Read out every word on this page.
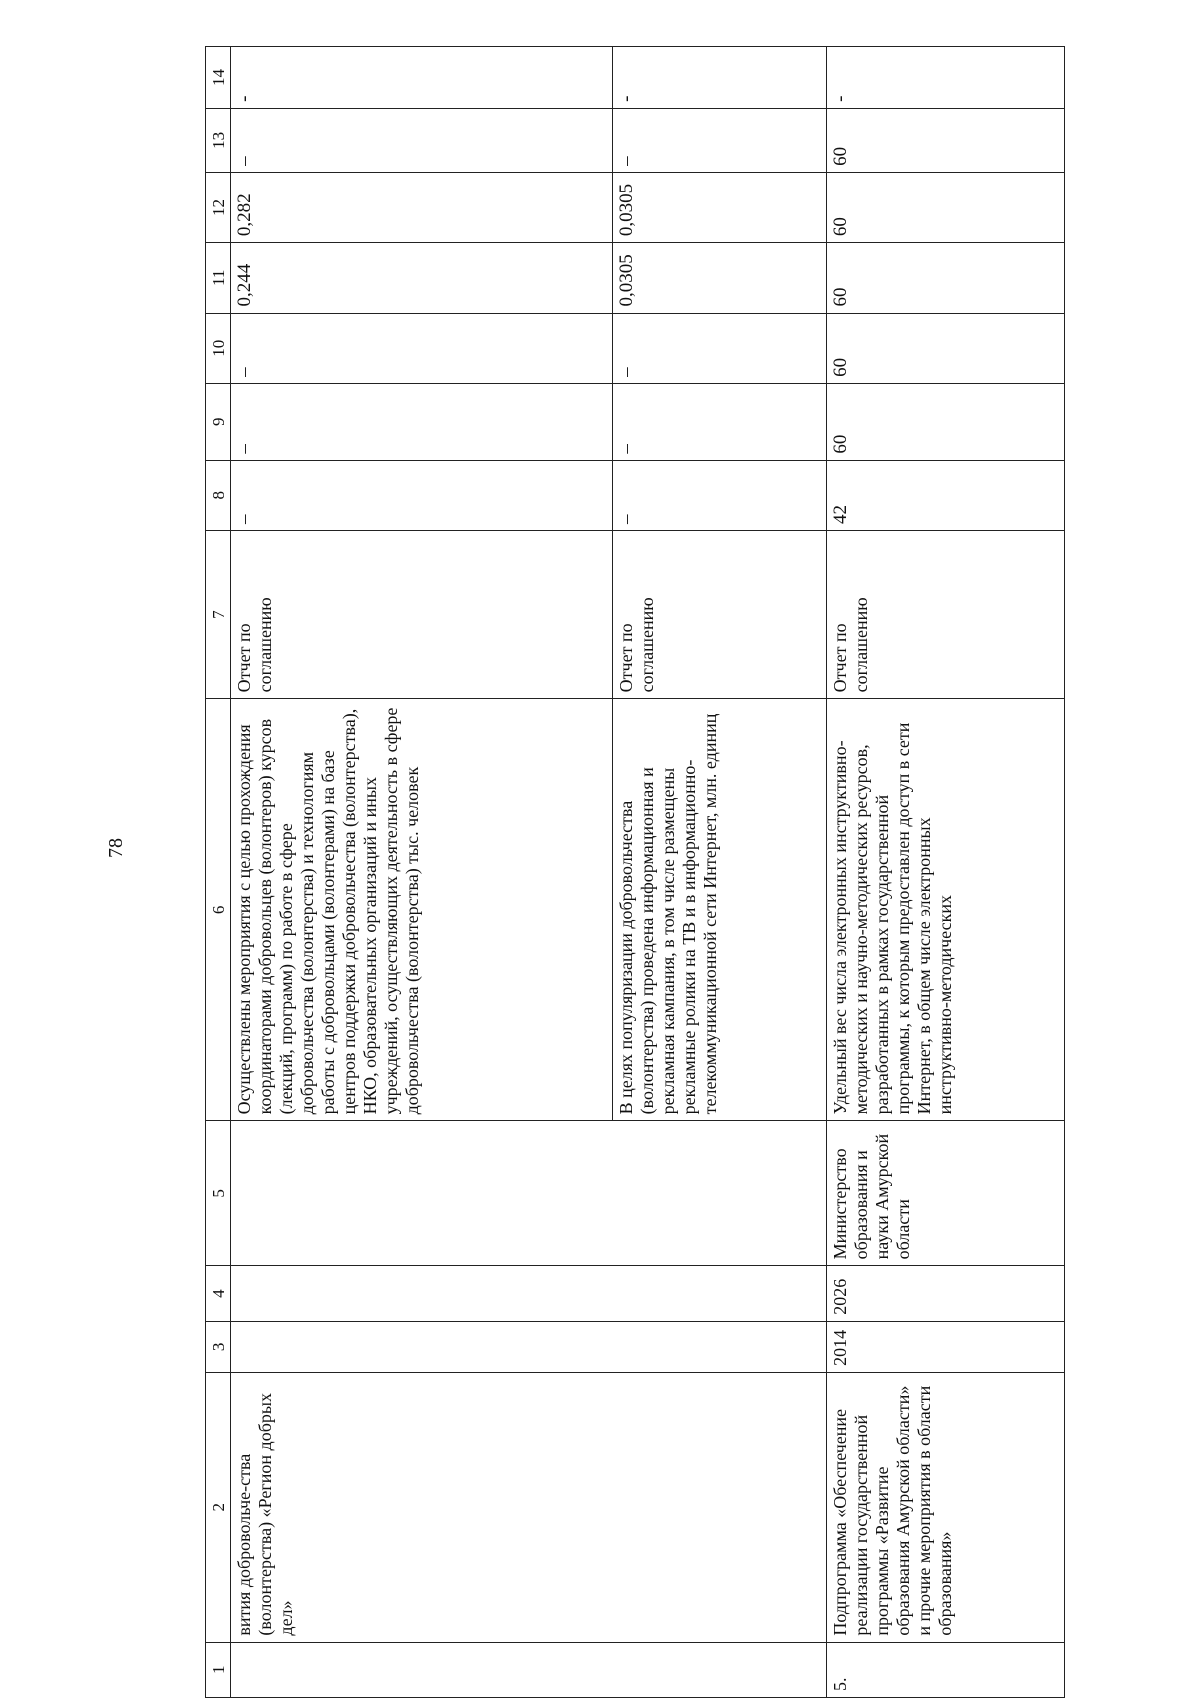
78
1	2	3	4	5	6	7	8	9	10	11	12	13	14
	вития добровольче-ства (волонтерства) «Регион добрых дел»				Осуществлены мероприятия с целью прохождения координаторами добровольцев (волонтеров) курсов (лекций, программ) по работе в сфере добровольчества (волонтерства) и технологиям работы с добровольцами (волонтерами) на базе центров поддержки добровольчества (волонтерства), НКО, образовательных организаций и иных учреждений, осуществляющих деятельность в сфере добровольчества (волонтерства) тыс. человек	Отчет по соглашению	–	–	–	0,244	0,282	–	-
					В целях популяризации добровольчества (волонтерства) проведена информационная и рекламная кампания, в том числе размещены рекламные ролики на ТВ и в информационно-телекоммуникационной сети Интернет, млн. единиц	Отчет по соглашению	–	–	–	0,0305	0,0305	–	-
5.	Подпрограмма «Обеспечение реализации государственной программы «Развитие образования Амурской области» и прочие мероприятия в области образования»	2014	2026	Министерство образования и науки Амурской области	Удельный вес числа электронных инструктивно-методических и научно-методических ресурсов, разработанных в рамках государственной программы, к которым предоставлен доступ в сети Интернет, в общем числе электронных инструктивно-методических	Отчет по соглашению	42	60	60	60	60	60	-
